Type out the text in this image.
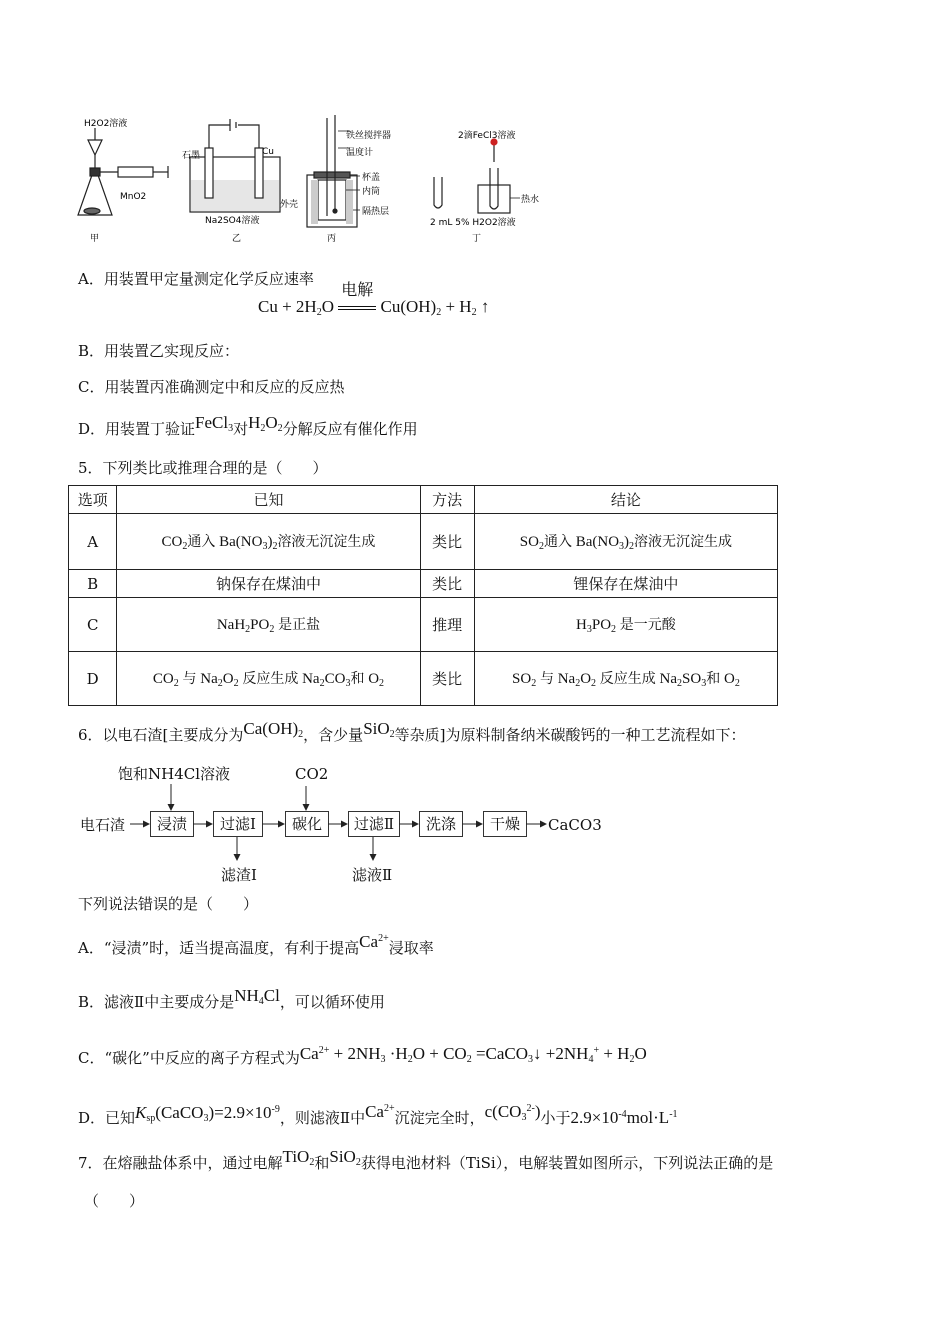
H2O2溶液
MnO2
甲
石墨	Cu
Na2SO4溶液
乙
铁丝搅拌器
温度计
杯盖
内筒
外壳
隔热层
丙
2滴FeCl3溶液
热水
2 mL 5% H2O2溶液
丁
A．用装置甲定量测定化学反应速率
$Cu + 2H_2O$
电解
$Cu(OH)_2 + H_2$ ↑
B．用装置乙实现反应：
C．用装置丙准确测定中和反应的反应热
D．用装置丁验证FeCl$_3$对$H_2O_2$分解反应有催化作用
5．下列类比或推理合理的是（　　）
选项	已知	方法	结论
A	$CO_2$通入 $Ba(NO_3)_2$溶液无沉淀生成	类比	$SO_2$通入 $Ba(NO_3)_2$溶液无沉淀生成
B	钠保存在煤油中	类比	锂保存在煤油中
C	$NaH_2PO_2$ 是正盐	推理	$H_3PO_2$ 是一元酸
D	$CO_2$ 与 $Na_2O_2$ 反应生成 $Na_2CO_3$和 $O_2$	类比	$SO_2$ 与 $Na_2O_2$ 反应生成 $Na_2SO_3$和 $O_2$
6．以电石渣[主要成分为$Ca(OH)_2$，含少量SiO$_2$等杂质]为原料制备纳米碳酸钙的一种工艺流程如下：
电石渣	浸渍	过滤Ⅰ	碳化	过滤Ⅱ	洗涤	干燥	CaCO3
饱和NH4Cl溶液	CO2
滤渣Ⅰ	滤液Ⅱ
下列说法错误的是（　　）
A．“浸渍”时，适当提高温度，有利于提高$Ca^{2+}$浸取率
B．滤液Ⅱ中主要成分是$NH_4Cl$，可以循环使用
C．“碳化”中反应的离子方程式为$Ca^{2+} + 2NH_3 \cdot H_2O + CO_2$ =CaCO$_3$↓ $+2NH_4^+ + H_2O$
D．已知$K_{sp}(CaCO_3)=2.9\times 10^{-9}$，则滤液Ⅱ中$Ca^{2+}$沉淀完全时，$c(CO_3^{2-})$小于$2.9\times 10^{-4}mol\cdot L^{-1}$
7．在熔融盐体系中，通过电解TiO$_2$和SiO$_2$获得电池材料（TiSi），电解装置如图所示，下列说法正确的是
（　　）
